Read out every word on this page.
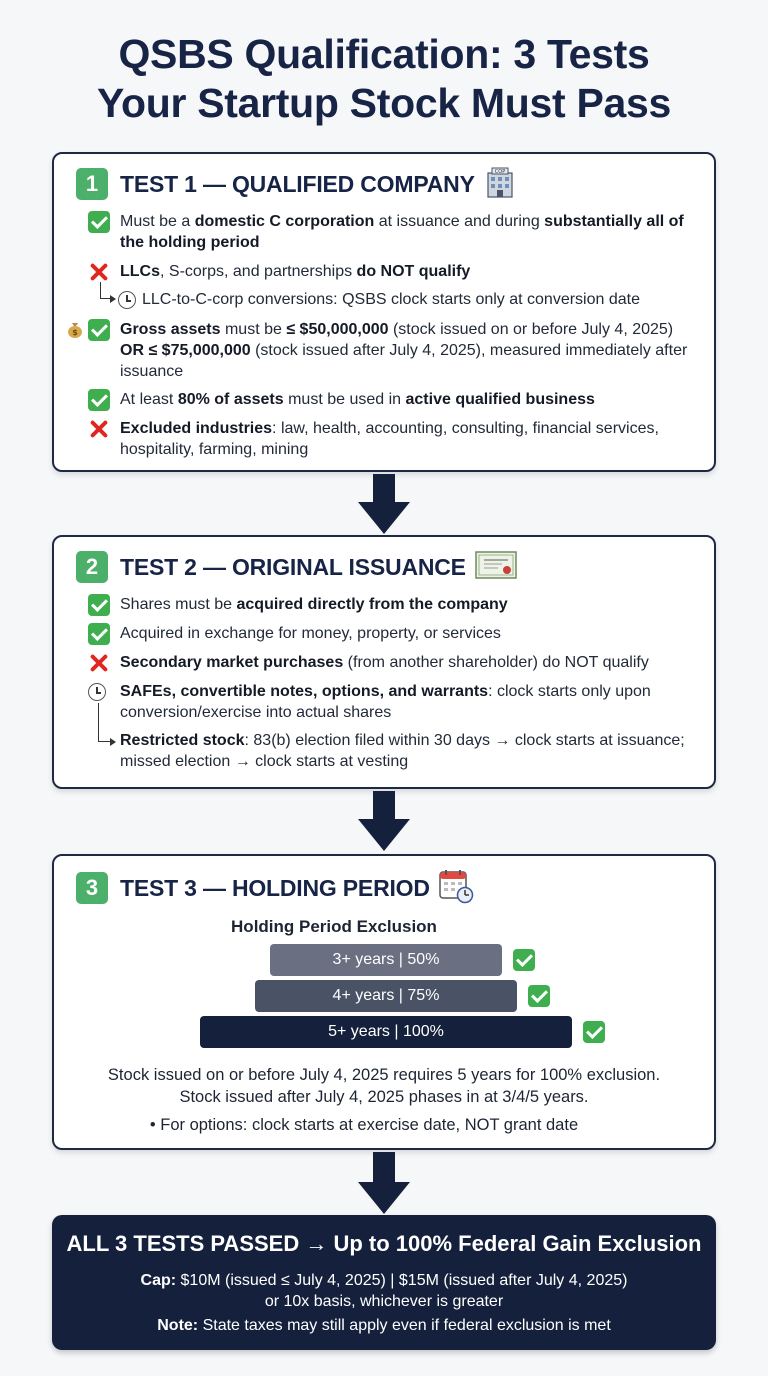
QSBS Qualification: 3 Tests
Your Startup Stock Must Pass
1 TEST 1 — QUALIFIED COMPANY	COP
Must be a domestic C corporation at issuance and during substantially all of the holding period
LLCs, S-corps, and partnerships do NOT qualify
LLC-to-C-corp conversions: QSBS clock starts only at conversion date
$	Gross assets must be ≤ $50,000,000 (stock issued on or before July 4, 2025) OR ≤ $75,000,000 (stock issued after July 4, 2025), measured immediately after issuance
At least 80% of assets must be used in active qualified business
Excluded industries: law, health, accounting, consulting, financial services, hospitality, farming, mining
2 TEST 2 — ORIGINAL ISSUANCE
Shares must be acquired directly from the company
Acquired in exchange for money, property, or services
Secondary market purchases (from another shareholder) do NOT qualify
SAFEs, convertible notes, options, and warrants: clock starts only upon conversion/exercise into actual shares
Restricted stock: 83(b) election filed within 30 days → clock starts at issuance; missed election → clock starts at vesting
3 TEST 3 — HOLDING PERIOD
Holding Period Exclusion
Stock issued on or before July 4, 2025 requires 5 years for 100% exclusion.
Stock issued after July 4, 2025 phases in at 3/4/5 years.
• For options: clock starts at exercise date, NOT grant date
3+ years | 50%
4+ years | 75%
5+ years | 100%
ALL 3 TESTS PASSED → Up to 100% Federal Gain Exclusion
Cap: $10M (issued ≤ July 4, 2025) | $15M (issued after July 4, 2025)
or 10x basis, whichever is greater
Note: State taxes may still apply even if federal exclusion is met
